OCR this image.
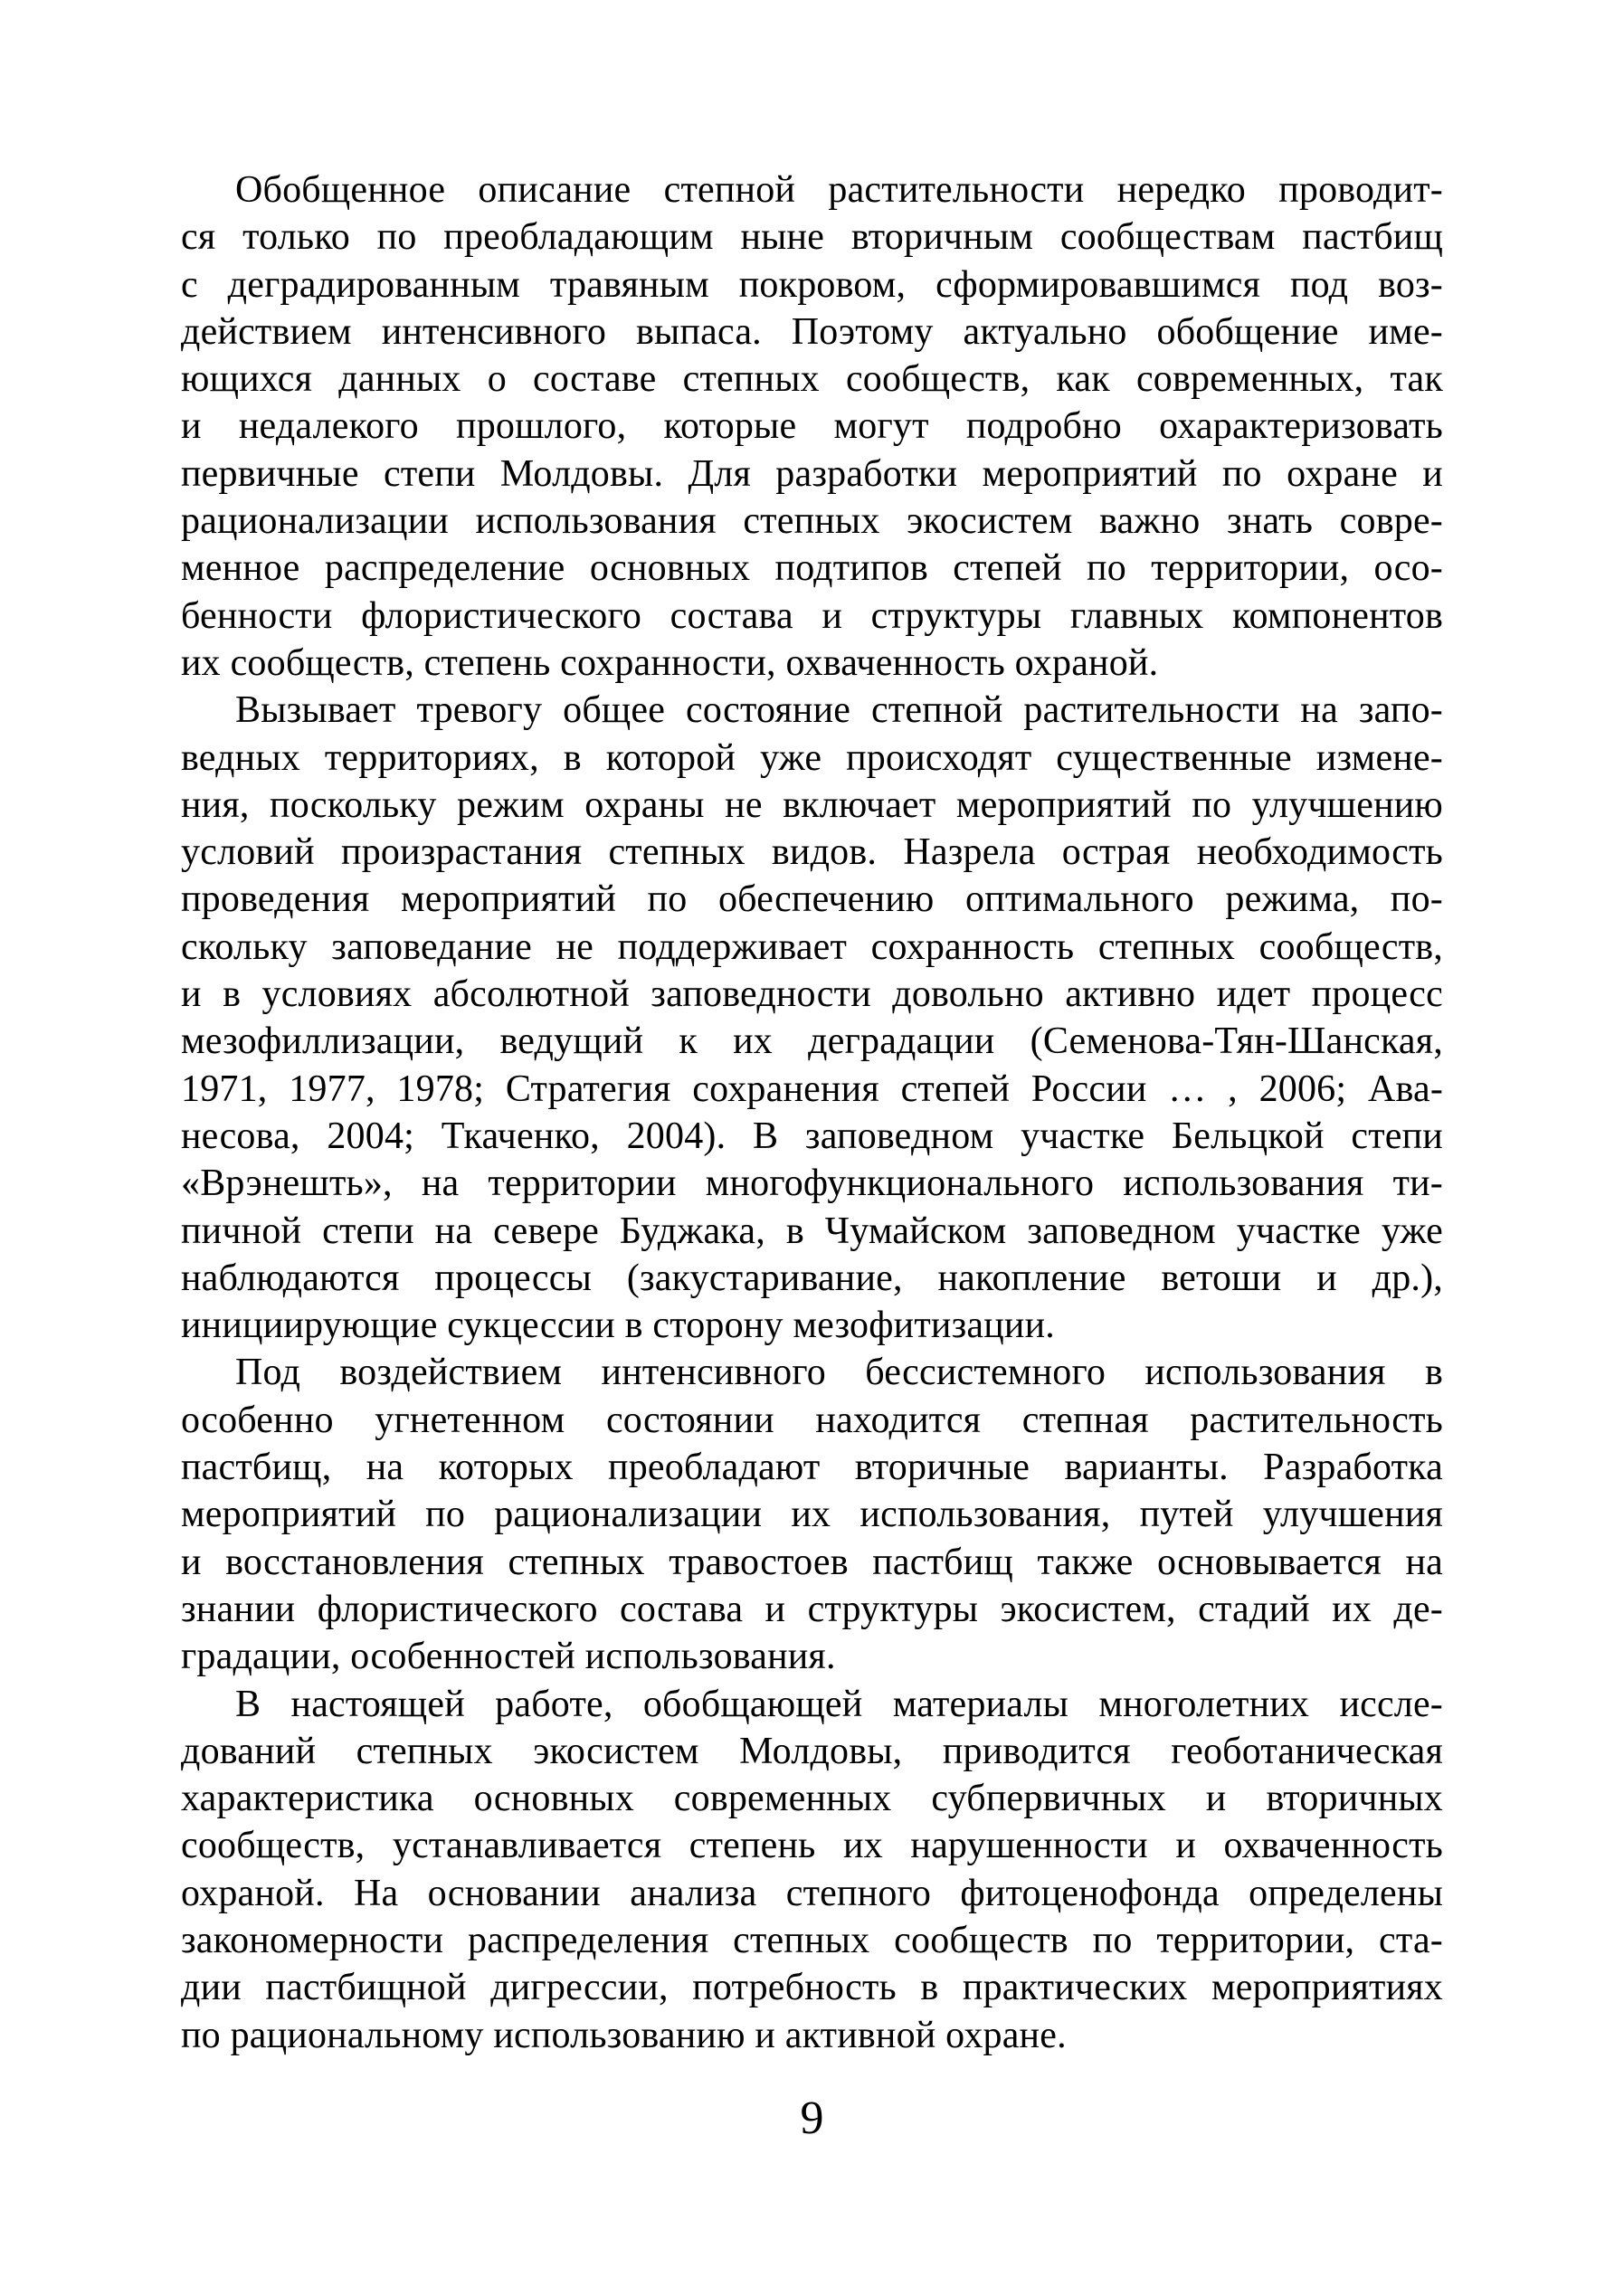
Обобщенное описание степной растительности нередко проводит-
ся только по преобладающим ныне вторичным сообществам пастбищ
с деградированным травяным покровом, сформировавшимся под воз-
действием интенсивного выпаса. Поэтому актуально обобщение име-
ющихся данных о составе степных сообществ, как современных, так
и недалекого прошлого, которые могут подробно охарактеризовать
первичные степи Молдовы. Для разработки мероприятий по охране и
рационализации использования степных экосистем важно знать совре-
менное распределение основных подтипов степей по территории, осо-
бенности флористического состава и структуры главных компонентов
их сообществ, степень сохранности, охваченность охраной.
Вызывает тревогу общее состояние степной растительности на запо-
ведных территориях, в которой уже происходят существенные измене-
ния, поскольку режим охраны не включает мероприятий по улучшению
условий произрастания степных видов. Назрела острая необходимость
проведения мероприятий по обеспечению оптимального режима, по-
скольку заповедание не поддерживает сохранность степных сообществ,
и в условиях абсолютной заповедности довольно активно идет процесс
мезофиллизации, ведущий к их деградации (Семенова-Тян-Шанская,
1971, 1977, 1978; Стратегия сохранения степей России … , 2006; Ава-
несова, 2004; Ткаченко, 2004). В заповедном участке Бельцкой степи
«Врэнешть», на территории многофункционального использования ти-
пичной степи на севере Буджака, в Чумайском заповедном участке уже
наблюдаются процессы (закустаривание, накопление ветоши и др.),
инициирующие сукцессии в сторону мезофитизации.
Под воздействием интенсивного бессистемного использования в
особенно угнетенном состоянии находится степная растительность
пастбищ, на которых преобладают вторичные варианты. Разработка
мероприятий по рационализации их использования, путей улучшения
и восстановления степных травостоев пастбищ также основывается на
знании флористического состава и структуры экосистем, стадий их де-
градации, особенностей использования.
В настоящей работе, обобщающей материалы многолетних иссле-
дований степных экосистем Молдовы, приводится геоботаническая
характеристика основных современных субпервичных и вторичных
сообществ, устанавливается степень их нарушенности и охваченность
охраной. На основании анализа степного фитоценофонда определены
закономерности распределения степных сообществ по территории, ста-
дии пастбищной дигрессии, потребность в практических мероприятиях
по рациональному использованию и активной охране.
9
